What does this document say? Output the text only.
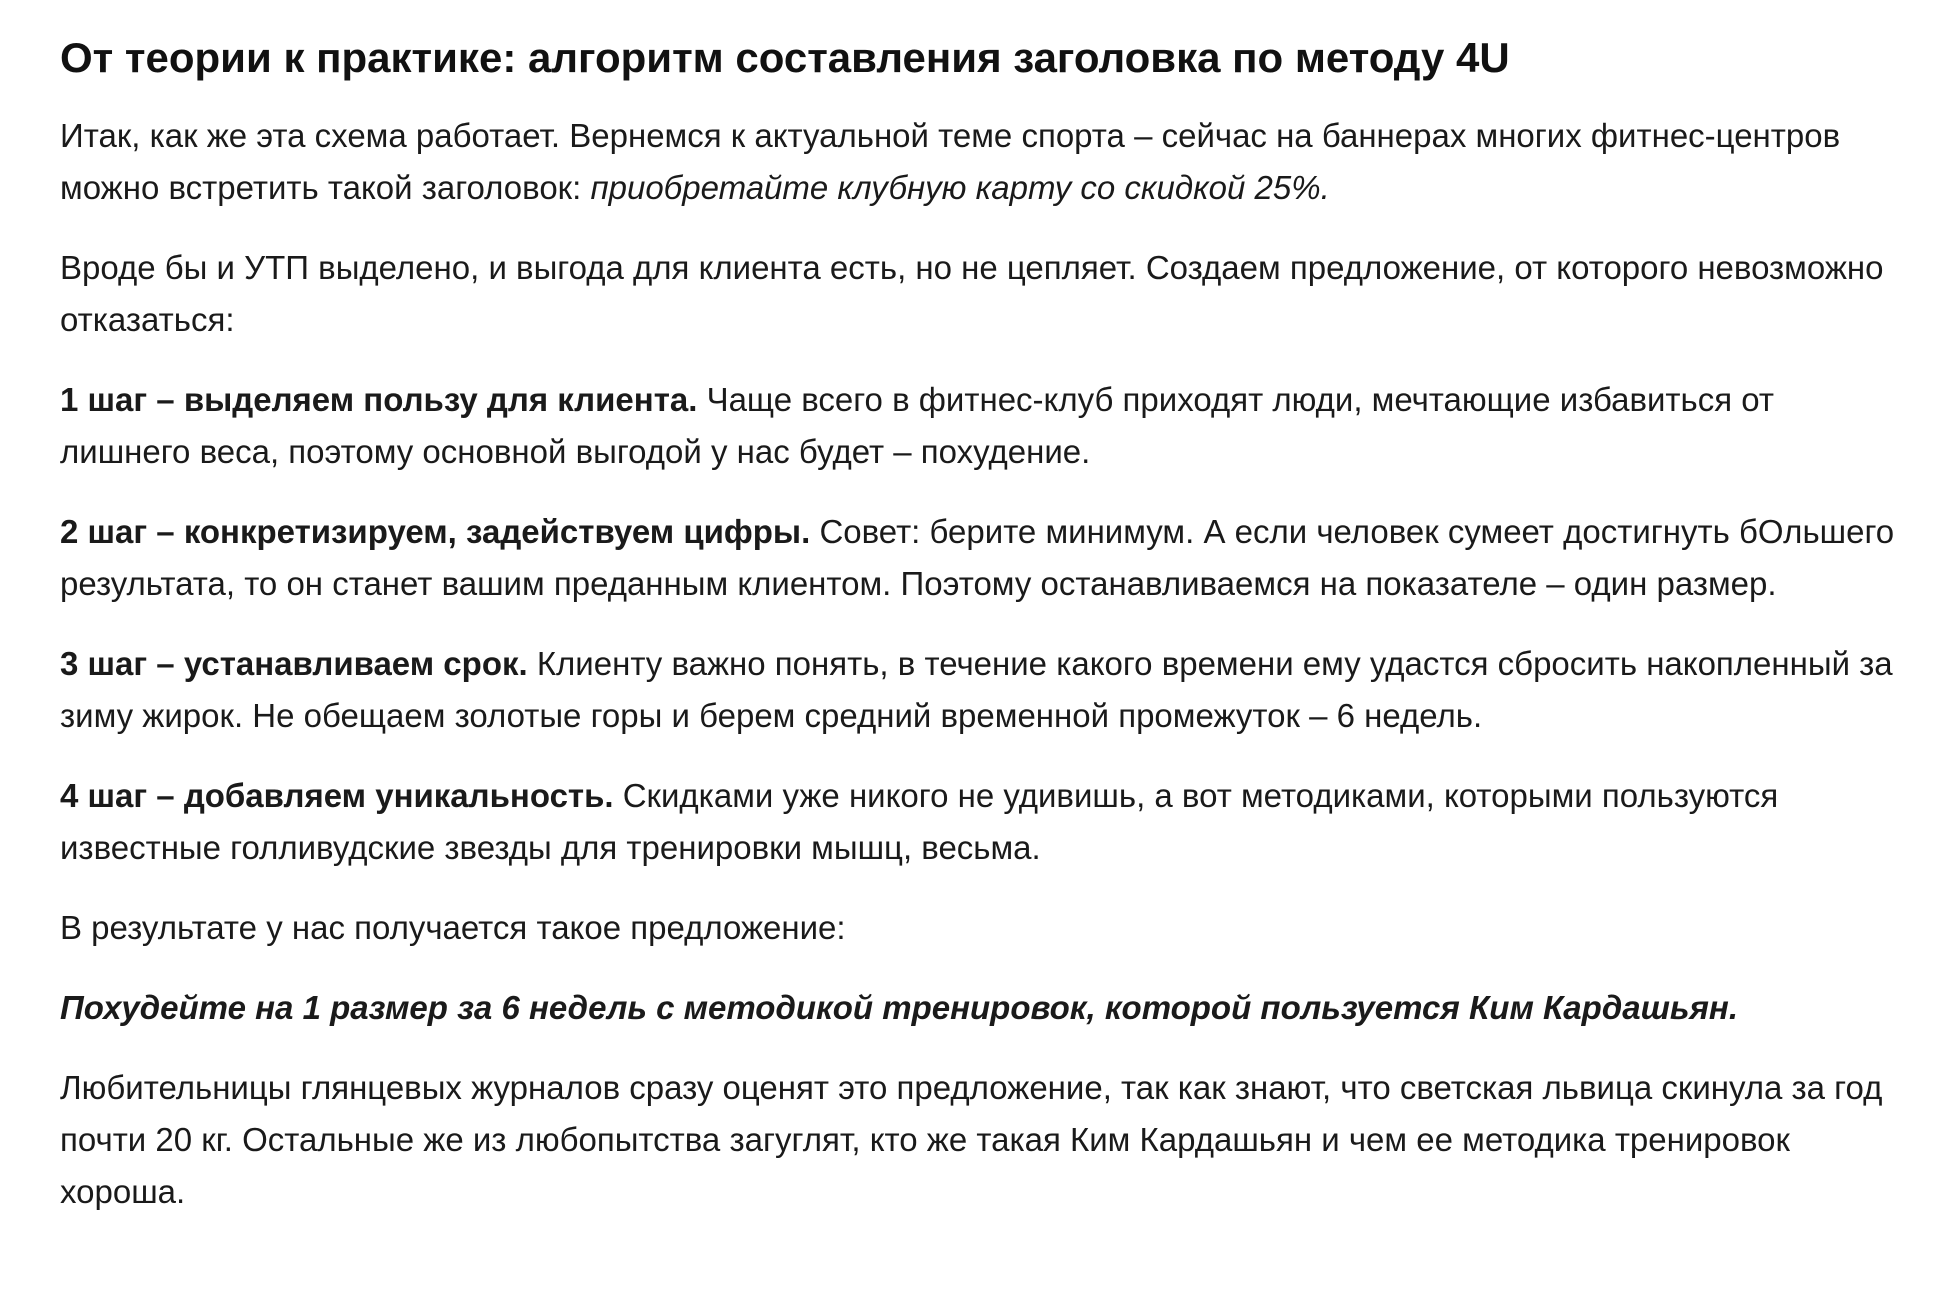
От теории к практике: алгоритм составления заголовка по методу 4U

Итак, как же эта схема работает. Вернемся к актуальной теме спорта – сейчас на баннерах многих фитнес-центров можно встретить такой заголовок: приобретайте клубную карту со скидкой 25%.

Вроде бы и УТП выделено, и выгода для клиента есть, но не цепляет. Создаем предложение, от которого невозможно отказаться:

1 шаг – выделяем пользу для клиента. Чаще всего в фитнес-клуб приходят люди, мечтающие избавиться от лишнего веса, поэтому основной выгодой у нас будет – похудение.

2 шаг – конкретизируем, задействуем цифры. Совет: берите минимум. А если человек сумеет достигнуть бОльшего результата, то он станет вашим преданным клиентом. Поэтому останавливаемся на показателе – один размер.

3 шаг – устанавливаем срок. Клиенту важно понять, в течение какого времени ему удастся сбросить накопленный за зиму жирок. Не обещаем золотые горы и берем средний временной промежуток – 6 недель.

4 шаг – добавляем уникальность. Скидками уже никого не удивишь, а вот методиками, которыми пользуются известные голливудские звезды для тренировки мышц, весьма.

В результате у нас получается такое предложение:

Похудейте на 1 размер за 6 недель с методикой тренировок, которой пользуется Ким Кардашьян.

Любительницы глянцевых журналов сразу оценят это предложение, так как знают, что светская львица скинула за год почти 20 кг. Остальные же из любопытства загуглят, кто же такая Ким Кардашьян и чем ее методика тренировок хороша.
